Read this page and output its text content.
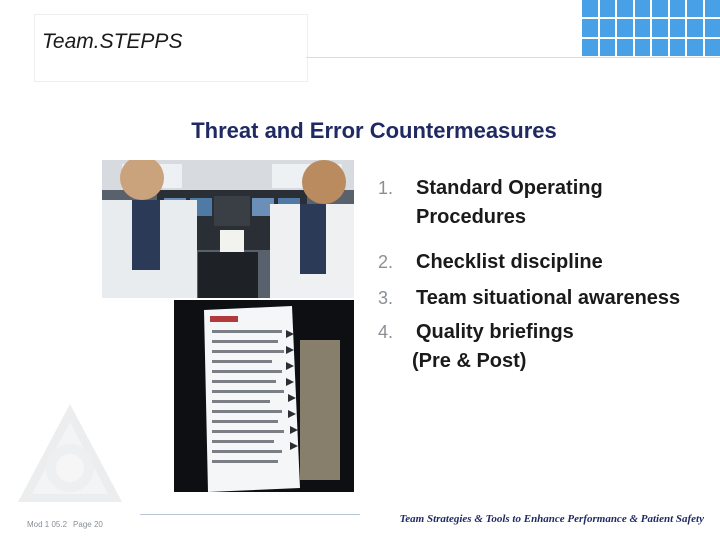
Team.STEPPS
Threat and Error Countermeasures
1. Standard Operating Procedures
2. Checklist discipline
3. Team situational awareness
4. Quality briefings
(Pre & Post)
Mod 1 05.2 Page 20	Team Strategies & Tools to Enhance Performance & Patient Safety
